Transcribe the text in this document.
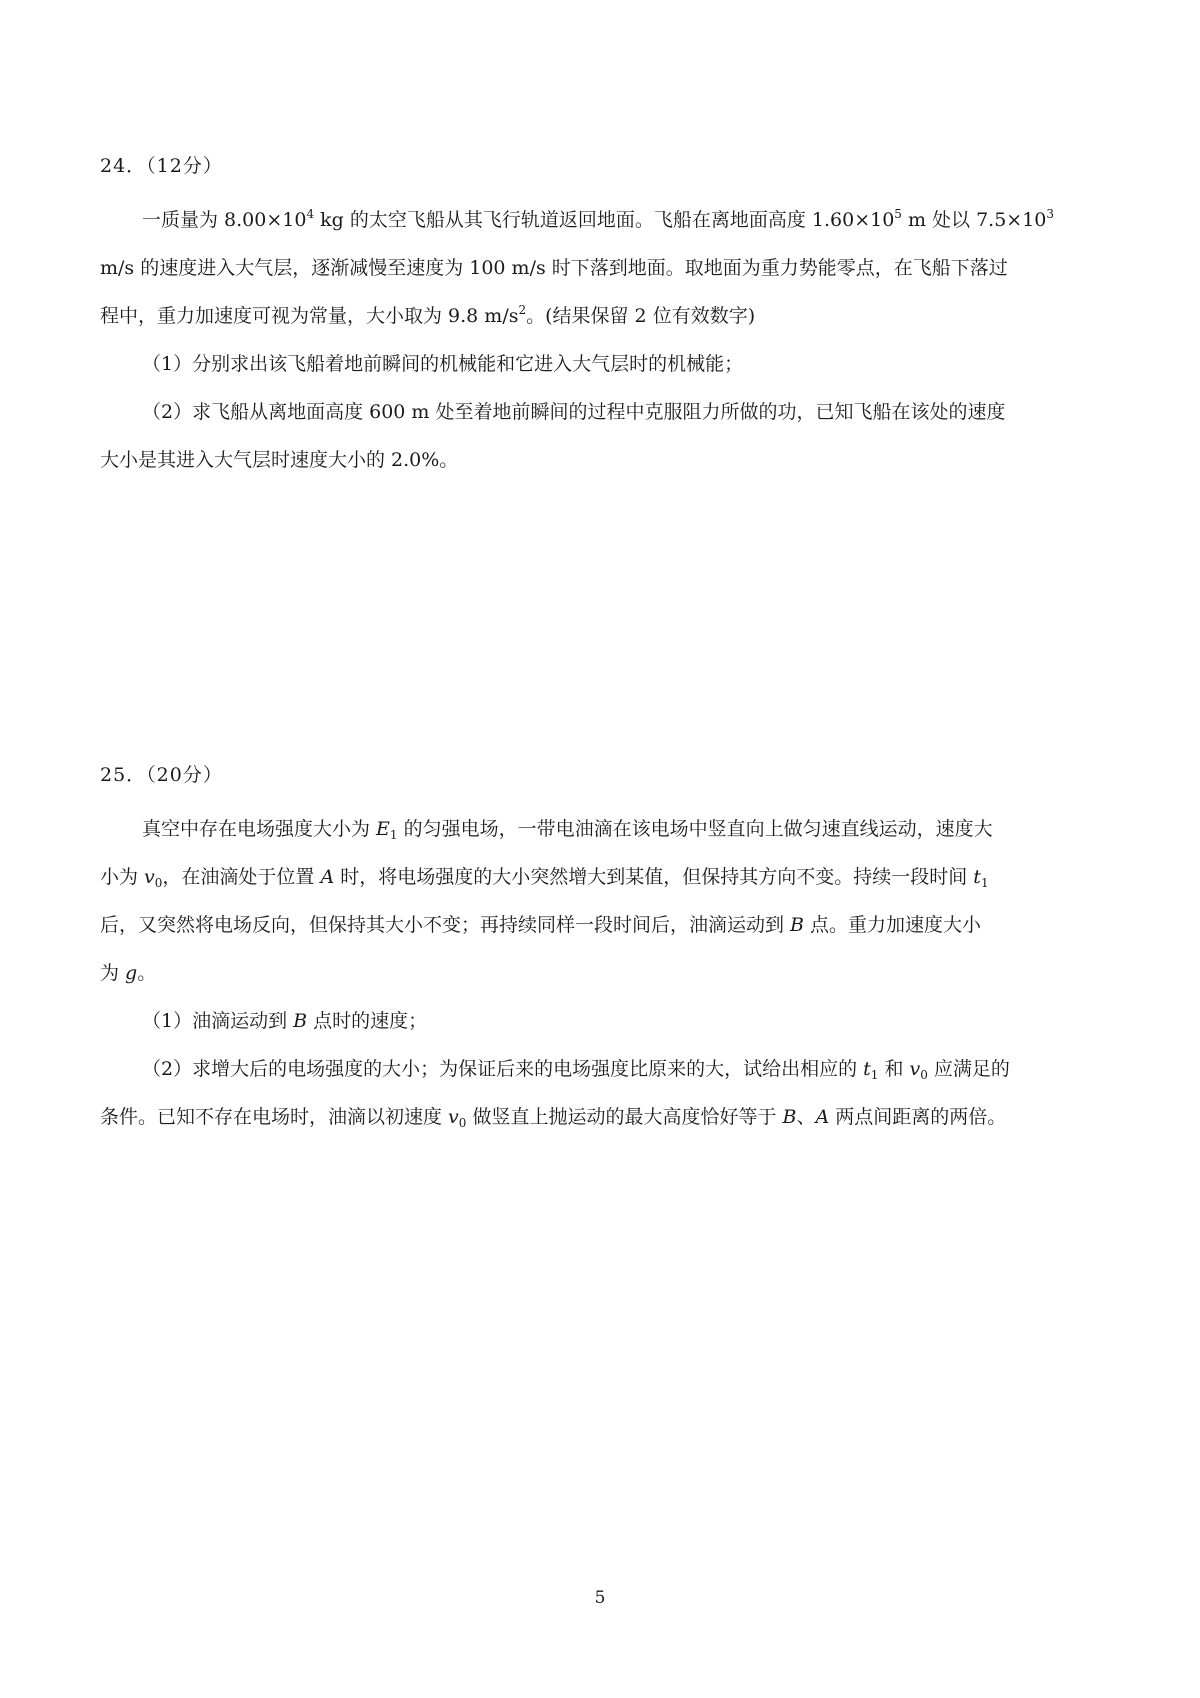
24．（12分）
一质量为 $8.00\times 10^4$ kg 的太空飞船从其飞行轨道返回地面。飞船在离地面高度 $1.60\times 10^5$ m 处以 $7.5\times 10^3$
m/s 的速度进入大气层，逐渐减慢至速度为 100 m/s 时下落到地面。取地面为重力势能零点，在飞船下落过
程中，重力加速度可视为常量，大小取为 9.8 $m/s^2$。(结果保留 2 位有效数字)
（1）分别求出该飞船着地前瞬间的机械能和它进入大气层时的机械能；
（2）求飞船从离地面高度 600 m 处至着地前瞬间的过程中克服阻力所做的功，已知飞船在该处的速度
大小是其进入大气层时速度大小的 2.0%。
25．（20分）
真空中存在电场强度大小为 $E_1$ 的匀强电场，一带电油滴在该电场中竖直向上做匀速直线运动，速度大
小为 $v_0$，在油滴处于位置 A 时，将电场强度的大小突然增大到某值，但保持其方向不变。持续一段时间 $t_1$
后，又突然将电场反向，但保持其大小不变；再持续同样一段时间后，油滴运动到 B 点。重力加速度大小
为 g。
（1）油滴运动到 B 点时的速度；
（2）求增大后的电场强度的大小；为保证后来的电场强度比原来的大，试给出相应的 $t_1$ 和 $v_0$ 应满足的
条件。已知不存在电场时，油滴以初速度 $v_0$ 做竖直上抛运动的最大高度恰好等于 B、A 两点间距离的两倍。
5
